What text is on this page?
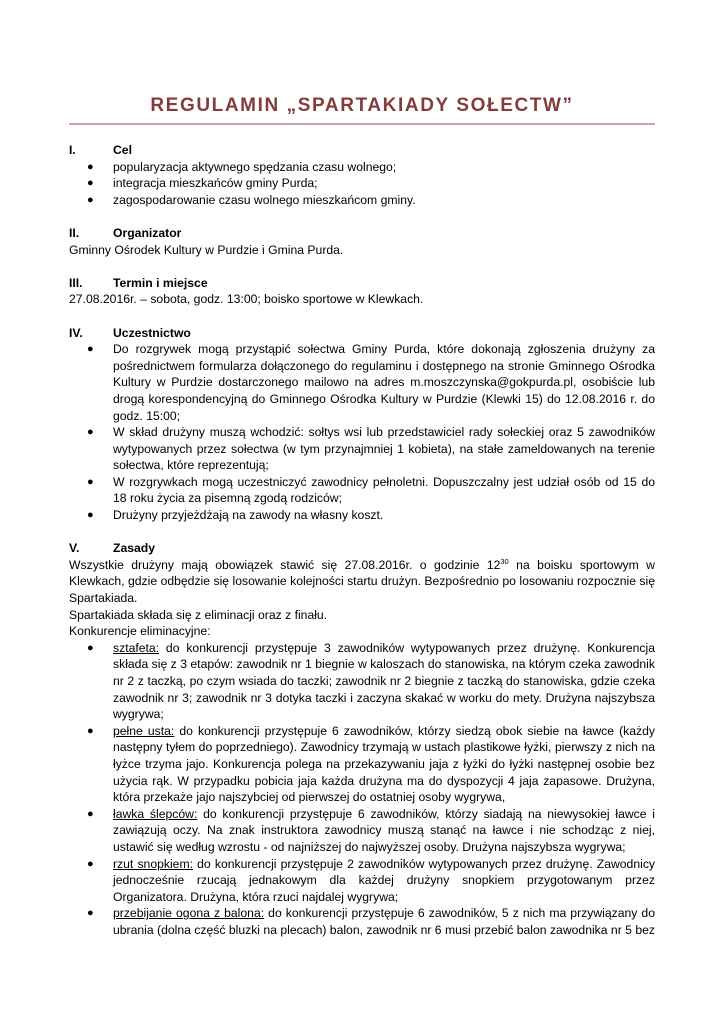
REGULAMIN „SPARTAKIADY SOŁECTW”
I.	Cel
● popularyzacja aktywnego spędzania czasu wolnego;
● integracja mieszkańców gminy Purda;
● zagospodarowanie czasu wolnego mieszkańcom gminy.
II.	Organizator

Gminny Ośrodek Kultury w Purdzie i Gmina Purda.

III.	Termin i miejsce

27.08.2016r. – sobota, godz. 13:00; boisko sportowe w Klewkach.

IV.	Uczestnictwo
● Do rozgrywek mogą przystąpić sołectwa Gminy Purda, które dokonają zgłoszenia drużyny za pośrednictwem formularza dołączonego do regulaminu i dostępnego na stronie Gminnego Ośrodka Kultury w Purdzie dostarczonego mailowo na adres m.moszczynska@gokpurda.pl, osobiście lub drogą korespondencyjną do Gminnego Ośrodka Kultury w Purdzie (Klewki 15) do 12.08.2016 r. do godz. 15:00;
● W skład drużyny muszą wchodzić: sołtys wsi lub przedstawiciel rady sołeckiej oraz 5 zawodników wytypowanych przez sołectwa (w tym przynajmniej 1 kobieta), na stałe zameldowanych na terenie sołectwa, które reprezentują;
● W rozgrywkach mogą uczestniczyć zawodnicy pełnoletni. Dopuszczalny jest udział osób od 15 do 18 roku życia za pisemną zgodą rodziców;
● Drużyny przyjeżdżają na zawody na własny koszt.
V.	Zasady

Wszystkie drużyny mają obowiązek stawić się 27.08.2016r. o godzinie $12^{30}$ na boisku sportowym w Klewkach, gdzie odbędzie się losowanie kolejności startu drużyn. Bezpośrednio po losowaniu rozpocznie się Spartakiada.

Spartakiada składa się z eliminacji oraz z finału.

Konkurencje eliminacyjne:

● sztafeta: do konkurencji przystępuje 3 zawodników wytypowanych przez drużynę. Konkurencja składa się z 3 etapów: zawodnik nr 1 biegnie w kaloszach do stanowiska, na którym czeka zawodnik nr 2 z taczką, po czym wsiada do taczki; zawodnik nr 2 biegnie z taczką do stanowiska, gdzie czeka zawodnik nr 3; zawodnik nr 3 dotyka taczki i zaczyna skakać w worku do mety. Drużyna najszybsza wygrywa;
● pełne usta: do konkurencji przystępuje 6 zawodników, którzy siedzą obok siebie na ławce (każdy następny tyłem do poprzedniego). Zawodnicy trzymają w ustach plastikowe łyżki, pierwszy z nich na łyżce trzyma jajo. Konkurencja polega na przekazywaniu jaja z łyżki do łyżki następnej osobie bez użycia rąk. W przypadku pobicia jaja każda drużyna ma do dyspozycji 4 jaja zapasowe. Drużyna, która przekaże jajo najszybciej od pierwszej do ostatniej osoby wygrywa,
● ławka ślepców: do konkurencji przystępuje 6 zawodników, którzy siadają na niewysokiej ławce i zawiązują oczy. Na znak instruktora zawodnicy muszą stanąć na ławce i nie schodząc z niej, ustawić się według wzrostu - od najniższej do najwyższej osoby. Drużyna najszybsza wygrywa;
● rzut snopkiem: do konkurencji przystępuje 2 zawodników wytypowanych przez drużynę. Zawodnicy jednocześnie rzucają jednakowym dla każdej drużyny snopkiem przygotowanym przez Organizatora. Drużyna, która rzuci najdalej wygrywa;
● przebijanie ogona z balona: do konkurencji przystępuje 6 zawodników, 5 z nich ma przywiązany do ubrania (dolna część bluzki na plecach) balon, zawodnik nr 6 musi przebić balon zawodnika nr 5 bez
